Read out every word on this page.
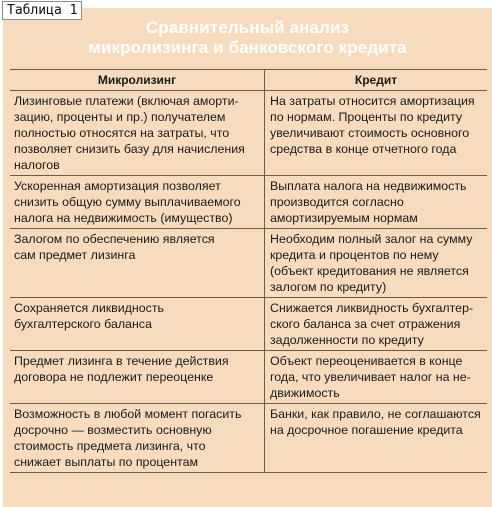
Таблица 1
Сравнительный анализ
микролизинга и банковского кредита
Микролизинг	Кредит
Лизинговые платежи (включая аморти-
зацию, проценты и пр.) получателем
полностью относятся на затраты, что
позволяет снизить базу для начисления
налогов
На затраты относится амортизация
по нормам. Проценты по кредиту
увеличивают стоимость основного
средства в конце отчетного года
Ускоренная амортизация позволяет
снизить общую сумму выплачиваемого
налога на недвижимость (имущество)
Выплата налога на недвижимость
производится согласно
амортизируемым нормам
Залогом по обеспечению является
сам предмет лизинга
Необходим полный залог на сумму
кредита и процентов по нему
(объект кредитования не является
залогом по кредиту)
Сохраняется ликвидность
бухгалтерского баланса
Снижается ликвидность бухгалтер-
ского баланса за счет отражения
задолженности по кредиту
Предмет лизинга в течение действия
договора не подлежит переоценке
Объект переоценивается в конце
года, что увеличивает налог на не-
движимость
Возможность в любой момент погасить
досрочно — возместить основную
стоимость предмета лизинга, что
снижает выплаты по процентам
Банки, как правило, не соглашаются
на досрочное погашение кредита
